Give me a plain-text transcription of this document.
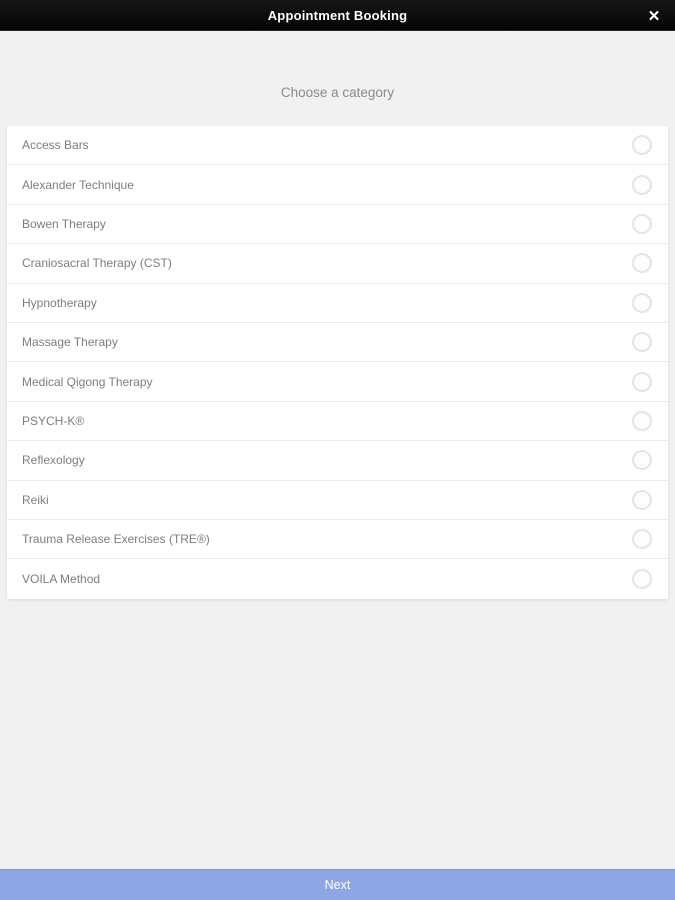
Appointment Booking	✕
Choose a category
Access Bars
Alexander Technique
Bowen Therapy
Craniosacral Therapy (CST)
Hypnotherapy
Massage Therapy
Medical Qigong Therapy
PSYCH-K®
Reflexology
Reiki
Trauma Release Exercises (TRE®)
VOILA Method
Next
